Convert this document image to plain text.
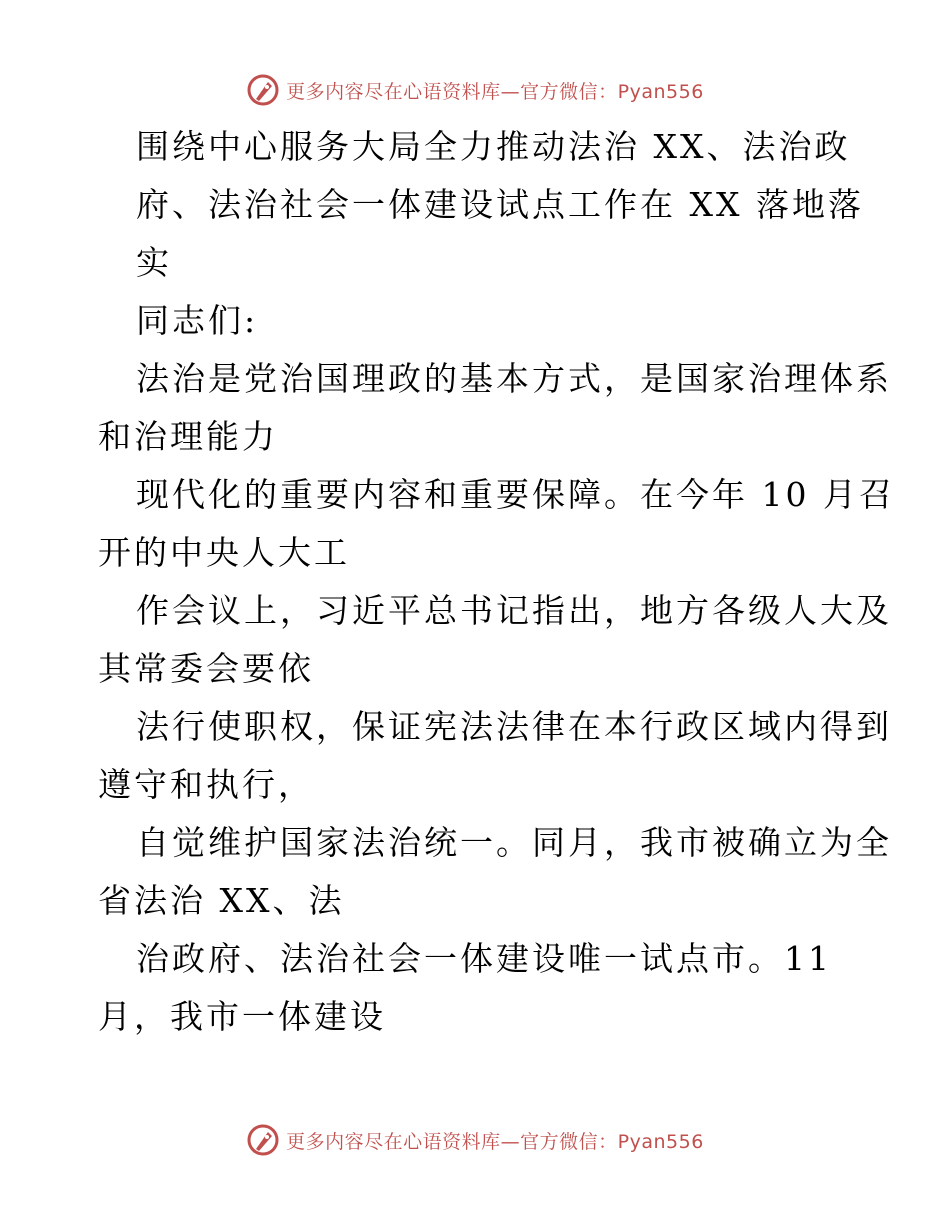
更多内容尽在心语资料库—官方微信：Pyan556
围绕中心服务大局全力推动法治 XX、法治政
府、法治社会一体建设试点工作在 XX 落地落
实
同志们:
法治是党治国理政的基本方式，是国家治理体系
和治理能力
现代化的重要内容和重要保障。在今年 10 月召
开的中央人大工
作会议上，习近平总书记指出，地方各级人大及
其常委会要依
法行使职权，保证宪法法律在本行政区域内得到
遵守和执行，
自觉维护国家法治统一。同月，我市被确立为全
省法治 XX、法
治政府、法治社会一体建设唯一试点市。11
月，我市一体建设
更多内容尽在心语资料库—官方微信：Pyan556
